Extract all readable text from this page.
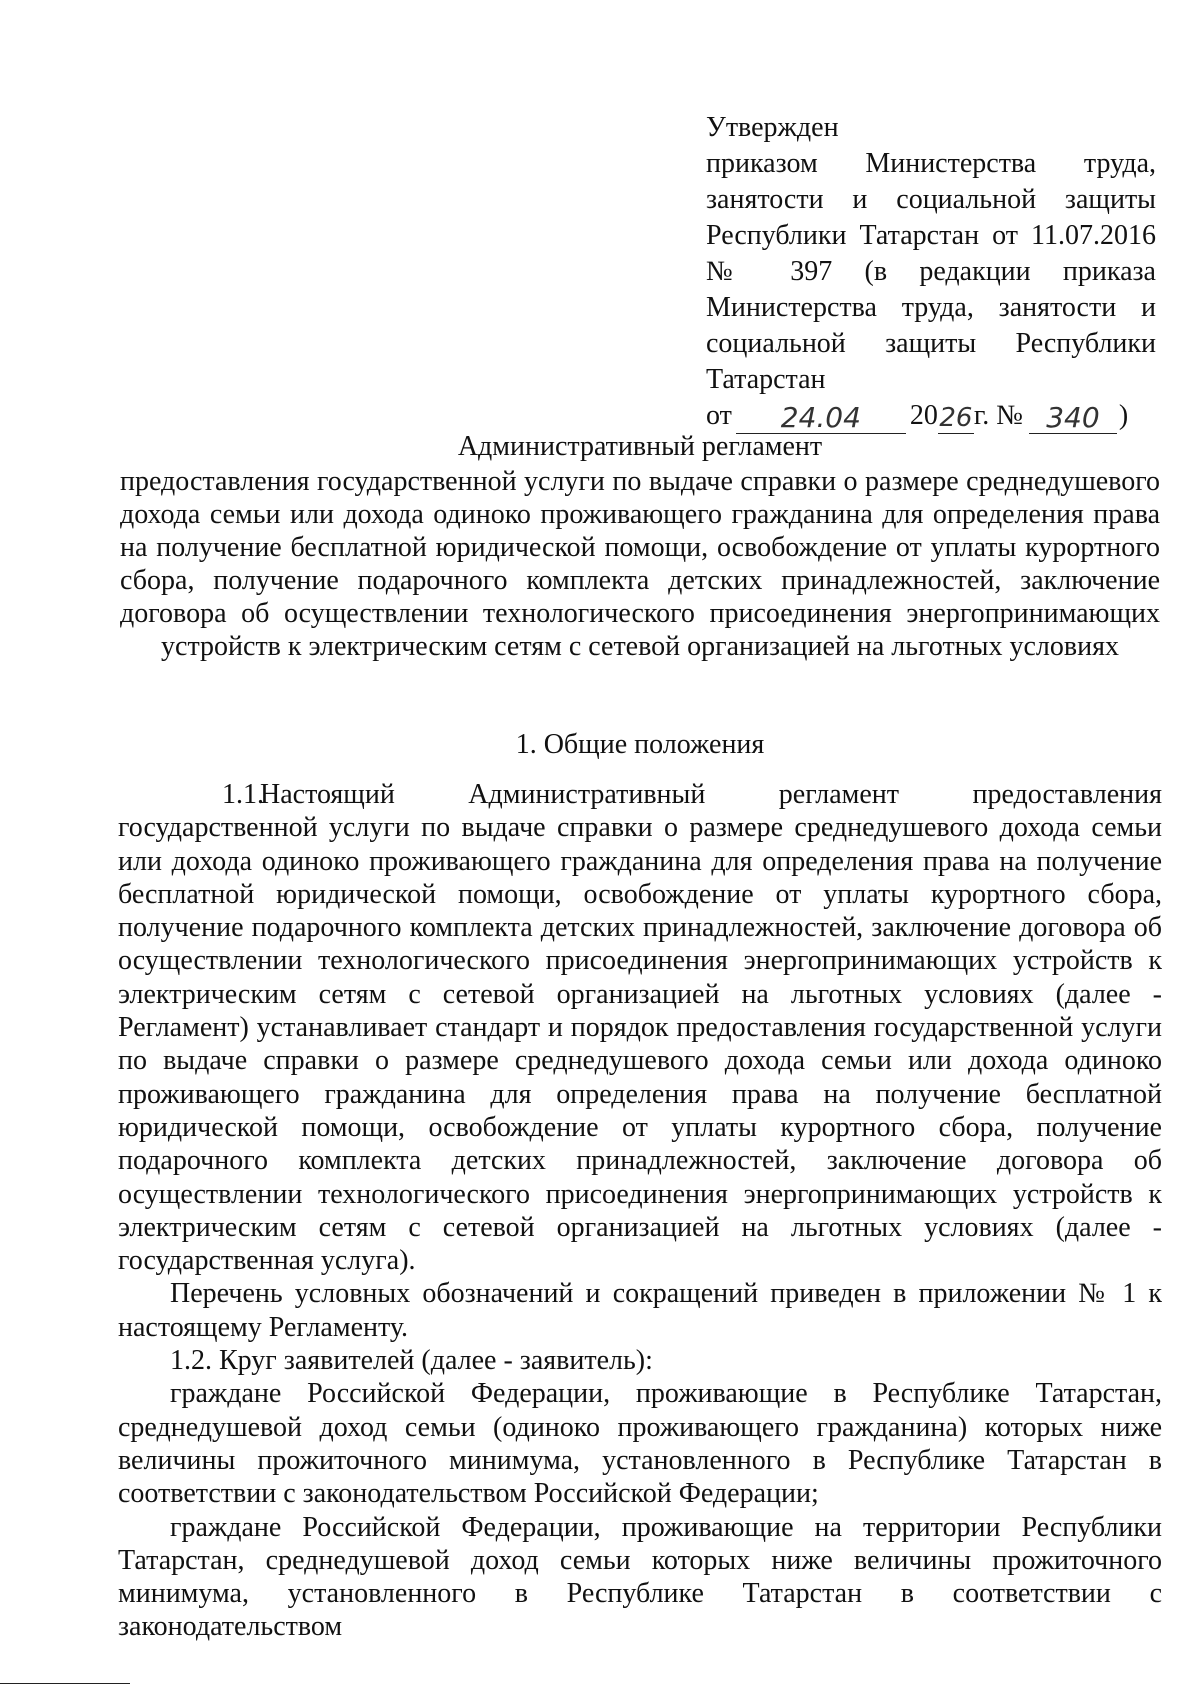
Утвержден
приказом Министерства труда, занятости и социальной защиты Республики Татарстан от 11.07.2016 № 397 (в редакции приказа Министерства труда, занятости и социальной защиты Республики Татарстан
от	24.04	20 26 г. № 340 )
Административный регламент
предоставления государственной услуги по выдаче справки о размере среднедушевого дохода семьи или дохода одиноко проживающего гражданина для определения права на получение бесплатной юридической помощи, освобождение от уплаты курортного сбора, получение подарочного комплекта детских принадлежностей, заключение договора об осуществлении технологического присоединения энергопринимающих устройств к электрическим сетям с сетевой организацией на льготных условиях
1. Общие положения

1.1.Настоящий Административный регламент предоставления государственной услуги по выдаче справки о размере среднедушевого дохода семьи или дохода одиноко проживающего гражданина для определения права на получение бесплатной юридической помощи, освобождение от уплаты курортного сбора, получение подарочного комплекта детских принадлежностей, заключение договора об осуществлении технологического присоединения энергопринимающих устройств к электрическим сетям с сетевой организацией на льготных условиях (далее - Регламент) устанавливает стандарт и порядок предоставления государственной услуги по выдаче справки о размере среднедушевого дохода семьи или дохода одиноко проживающего гражданина для определения права на получение бесплатной юридической помощи, освобождение от уплаты курортного сбора, получение подарочного комплекта детских принадлежностей, заключение договора об осуществлении технологического присоединения энергопринимающих устройств к электрическим сетям с сетевой организацией на льготных условиях (далее - государственная услуга).

Перечень условных обозначений и сокращений приведен в приложении № 1 к настоящему Регламенту.

1.2. Круг заявителей (далее - заявитель):

граждане Российской Федерации, проживающие в Республике Татарстан, среднедушевой доход семьи (одиноко проживающего гражданина) которых ниже величины прожиточного минимума, установленного в Республике Татарстан в соответствии с законодательством Российской Федерации;

граждане Российской Федерации, проживающие на территории Республики Татарстан, среднедушевой доход семьи которых ниже величины прожиточного минимума, установленного в Республике Татарстан в соответствии с законодательством
